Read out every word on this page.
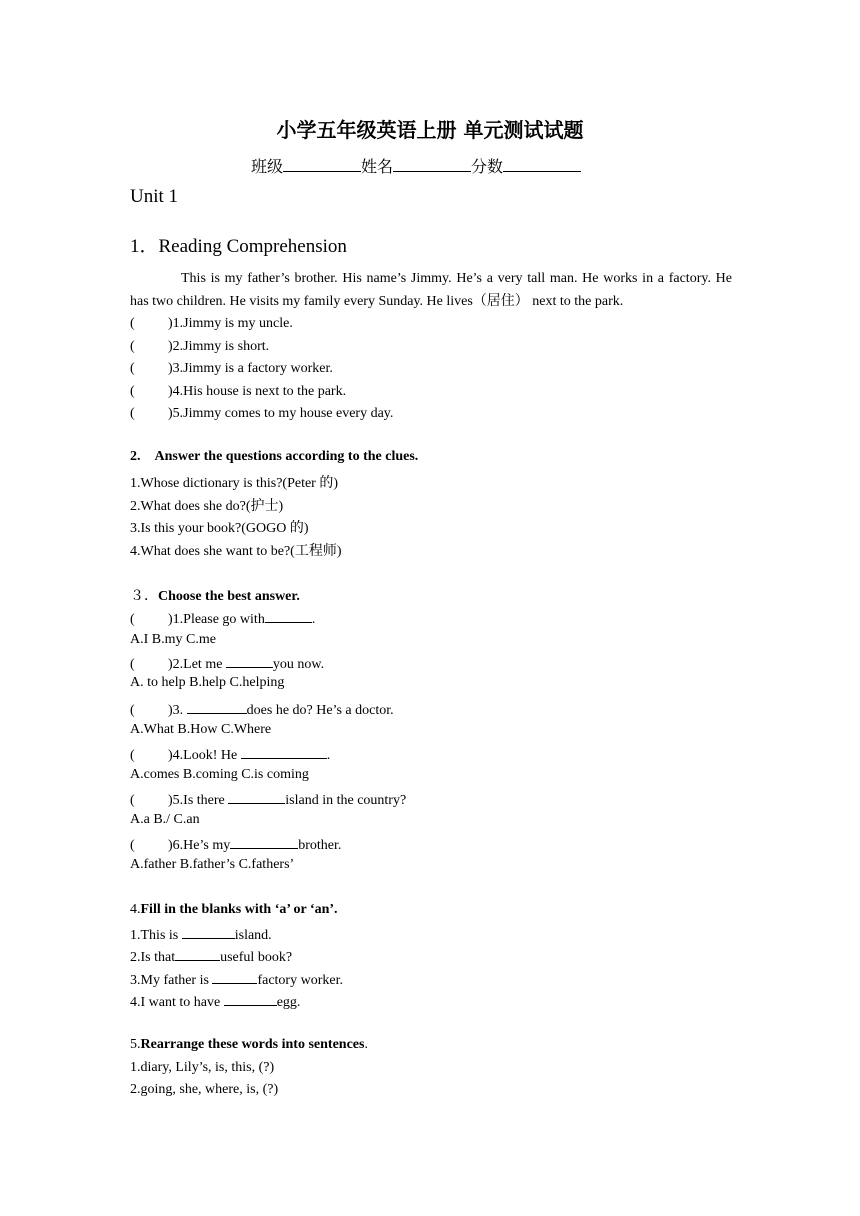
小学五年级英语上册 单元测试试题
班级	姓名	分数
Unit 1
1．Reading Comprehension
This is my father’s brother. His name’s Jimmy. He’s a very tall man. He works in a factory. He has two children. He visits my family every Sunday. He lives（居住） next to the park.
( )1.Jimmy is my uncle.
( )2.Jimmy is short.
( )3.Jimmy is a factory worker.
( )4.His house is next to the park.
( )5.Jimmy comes to my house every day.
2. Answer the questions according to the clues.
1.Whose dictionary is this?(Peter 的)
2.What does she do?(护士)
3.Is this your book?(GOGO 的)
4.What does she want to be?(工程师)
３．Choose the best answer.
( )1.Please go with	.
A.I B.my C.me
( )2.Let me	you now.
A. to help B.help C.helping
( )3.	does he do? He’s a doctor.
A.What B.How C.Where
( )4.Look! He	.
A.comes B.coming C.is coming
( )5.Is there	island in the country?
A.a B./ C.an
( )6.He’s my	brother.
A.father B.father’s C.fathers’
4.Fill in the blanks with ‘a’ or ‘an’.
1.This is	island.
2.Is that	useful book?
3.My father is	factory worker.
4.I want to have	egg.
5.Rearrange these words into sentences.
1.diary, Lily’s, is, this, (?)
2.going, she, where, is, (?)
